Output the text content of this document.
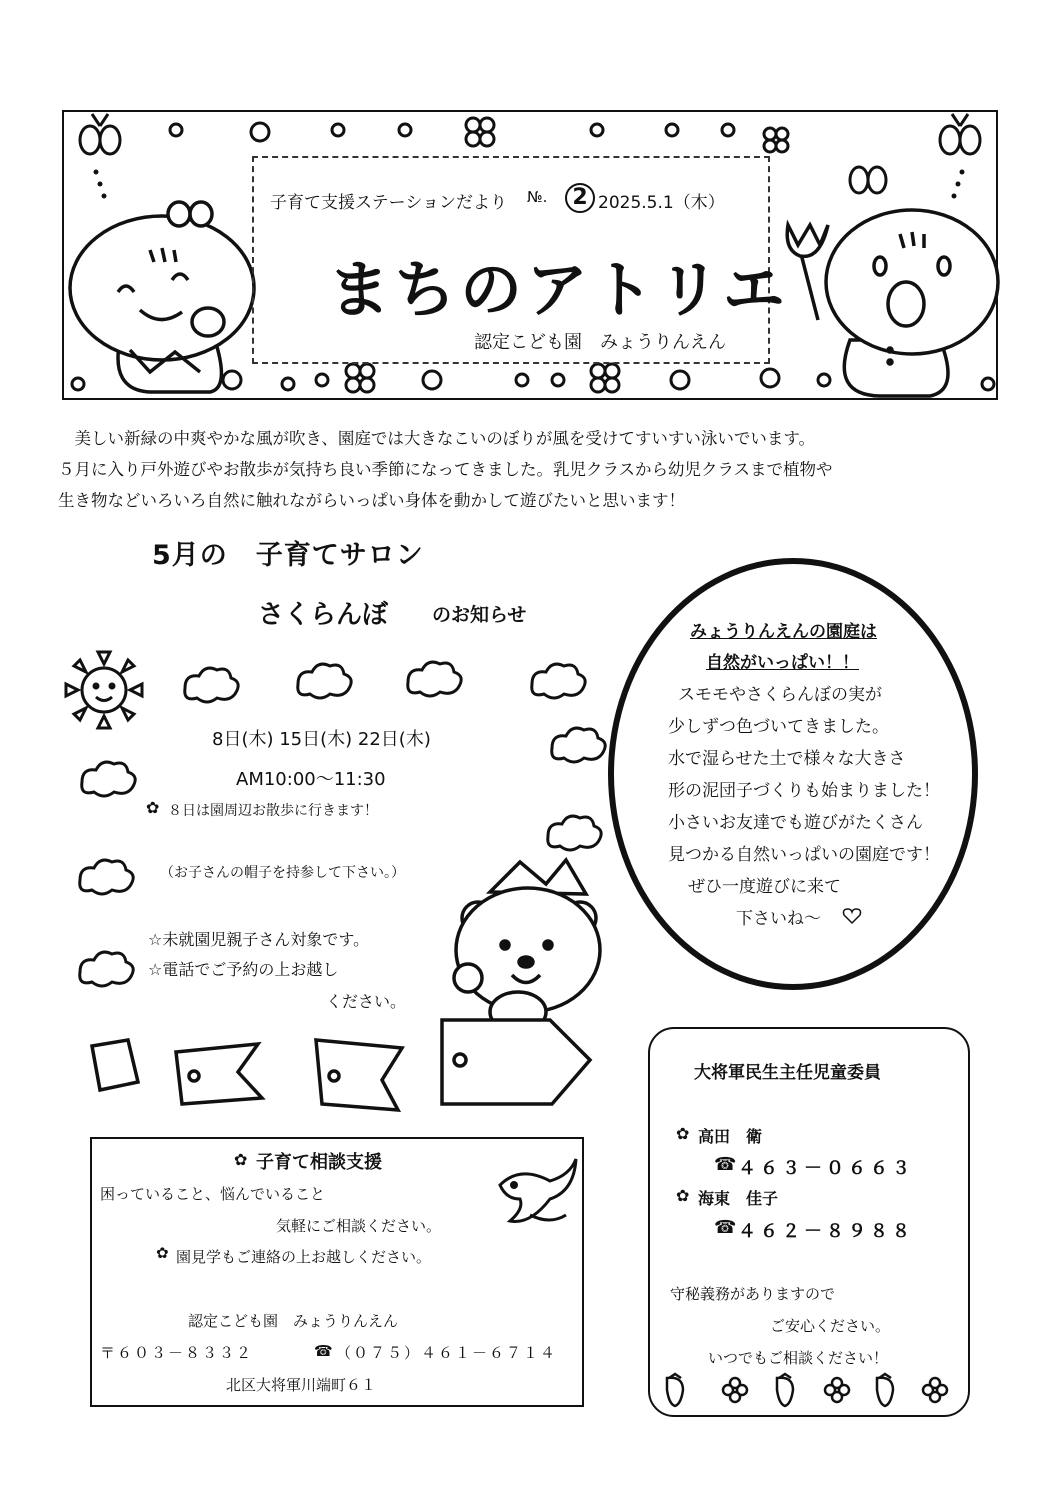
子育て支援ステーションだより №.	2 2025.5.1（木）
まちのアトリエ
認定こども園　みょうりんえん
　美しい新緑の中爽やかな風が吹き、園庭では大きなこいのぼりが風を受けてすいすい泳いでいます。
５月に入り戸外遊びやお散歩が気持ち良い季節になってきました。乳児クラスから幼児クラスまで植物や
生き物などいろいろ自然に触れながらいっぱい身体を動かして遊びたいと思います！
5月の　子育てサロン
さくらんぼ のお知らせ
8日(木) 15日(木) 22日(木)
AM10:00～11:30
✿ ８日は園周辺お散歩に行きます！
（お子さんの帽子を持参して下さい。）
☆未就園児親子さん対象です。
☆電話でご予約の上お越し
ください。
みょうりんえんの園庭は
自然がいっぱい！！
スモモやさくらんぼの実が
少しずつ色づいてきました。
水で湿らせた土で様々な大きさ
形の泥団子づくりも始まりました！
小さいお友達でも遊びがたくさん
見つかる自然いっぱいの園庭です！
ぜひ一度遊びに来て
下さいね～
✿ 子育て相談支援
困っていること、悩んでいること
気軽にご相談ください。
✿ 園見学もご連絡の上お越しください。
認定こども園　みょうりんえん
〒６０３－８３３２	☎ （０７５）４６１－６７１４
北区大将軍川端町６１
大将軍民生主任児童委員
✿ 高田　衛
☎
４６３－０６６３
✿ 海東　佳子
☎
４６２－８９８８
守秘義務がありますので
ご安心ください。
いつでもご相談ください！
